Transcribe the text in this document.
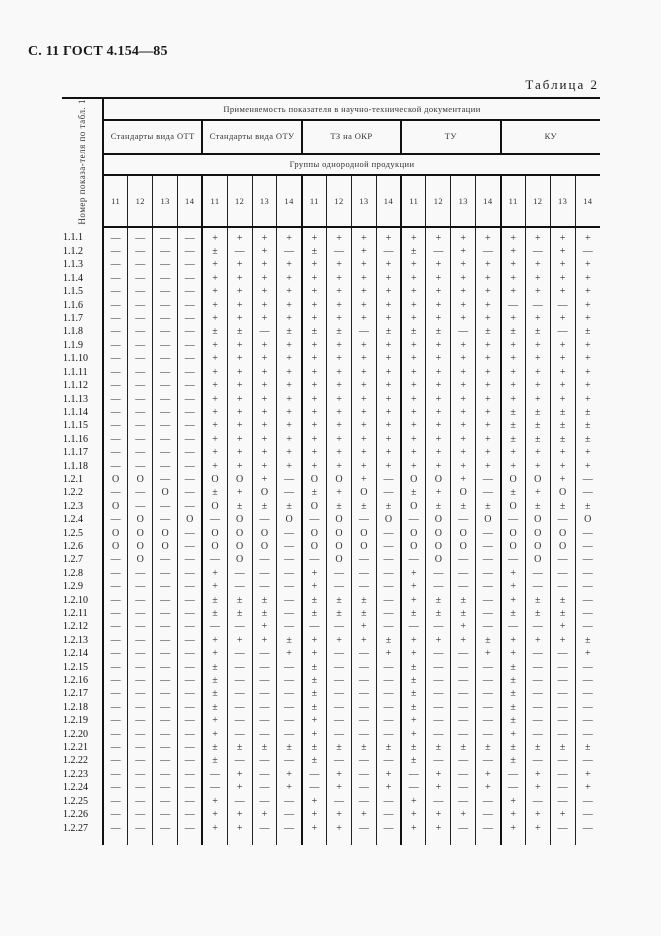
С. 11 ГОСТ 4.154—85
Таблица 2
Номер показа-теля по табл. 1	Применяемость показателя в научно-технической документации																			
	Стандарты вида ОТТ				Стандарты вида ОТУ				ТЗ на ОКР				ТУ				КУ			
	Группы однородной продукции																			
	11	12	13	14	11	12	13	14	11	12	13	14	11	12	13	14	11	12	13	14
1.1.1	—	—	—	—	+	+	+	+	+	+	+	+	+	+	+	+	+	+	+	+
1.1.2	—	—	—	—	±	—	+	—	±	—	+	—	±	—	+	—	+	—	+	—
1.1.3	—	—	—	—	+	+	+	+	+	+	+	+	+	+	+	+	+	+	+	+
1.1.4	—	—	—	—	+	+	+	+	+	+	+	+	+	+	+	+	+	+	+	+
1.1.5	—	—	—	—	+	+	+	+	+	+	+	+	+	+	+	+	+	+	+	+
1.1.6	—	—	—	—	+	+	+	+	+	+	+	+	+	+	+	+	—	—	—	+
1.1.7	—	—	—	—	+	+	+	+	+	+	+	+	+	+	+	+	+	+	+	+
1.1.8	—	—	—	—	±	±	—	±	±	±	—	±	±	±	—	±	±	±	—	±
1.1.9	—	—	—	—	+	+	+	+	+	+	+	+	+	+	+	+	+	+	+	+
1.1.10	—	—	—	—	+	+	+	+	+	+	+	+	+	+	+	+	+	+	+	+
1.1.11	—	—	—	—	+	+	+	+	+	+	+	+	+	+	+	+	+	+	+	+
1.1.12	—	—	—	—	+	+	+	+	+	+	+	+	+	+	+	+	+	+	+	+
1.1.13	—	—	—	—	+	+	+	+	+	+	+	+	+	+	+	+	+	+	+	+
1.1.14	—	—	—	—	+	+	+	+	+	+	+	+	+	+	+	+	±	±	±	±
1.1.15	—	—	—	—	+	+	+	+	+	+	+	+	+	+	+	+	±	±	±	±
1.1.16	—	—	—	—	+	+	+	+	+	+	+	+	+	+	+	+	±	±	±	±
1.1.17	—	—	—	—	+	+	+	+	+	+	+	+	+	+	+	+	+	+	+	+
1.1.18	—	—	—	—	+	+	+	+	+	+	+	+	+	+	+	+	+	+	+	+
1.2.1	О	О	—	—	О	О	+	—	О	О	+	—	О	О	+	—	О	О	+	—
1.2.2	—	—	О	—	±	+	О	—	±	+	О	—	±	+	О	—	±	+	О	—
1.2.3	О	—	—	—	О	±	±	±	О	±	±	±	О	±	±	±	О	±	±	±
1.2.4	—	О	—	О	—	О	—	О	—	О	—	О	—	О	—	О	—	О	—	О
1.2.5	О	О	О	—	О	О	О	—	О	О	О	—	О	О	О	—	О	О	О	—
1.2.6	О	О	О	—	О	О	О	—	О	О	О	—	О	О	О	—	О	О	О	—
1.2.7	—	О	—	—	—	О	—	—	—	О	—	—	—	О	—	—	—	О	—	—
1.2.8	—	—	—	—	+	—	—	—	+	—	—	—	+	—	—	—	+	—	—	—
1.2.9	—	—	—	—	+	—	—	—	+	—	—	—	+	—	—	—	+	—	—	—
1.2.10	—	—	—	—	±	±	±	—	±	±	±	—	+	±	±	—	+	±	±	—
1.2.11	—	—	—	—	±	±	±	—	±	±	±	—	±	±	±	—	±	±	±	—
1.2.12	—	—	—	—	—	—	+	—	—	—	+	—	—	—	+	—	—	—	+	—
1.2.13	—	—	—	—	+	+	+	±	+	+	+	±	+	+	+	±	+	+	+	±
1.2.14	—	—	—	—	+	—	—	+	+	—	—	+	+	—	—	+	+	—	—	+
1.2.15	—	—	—	—	±	—	—	—	±	—	—	—	±	—	—	—	±	—	—	—
1.2.16	—	—	—	—	±	—	—	—	±	—	—	—	±	—	—	—	±	—	—	—
1.2.17	—	—	—	—	±	—	—	—	±	—	—	—	±	—	—	—	±	—	—	—
1.2.18	—	—	—	—	±	—	—	—	±	—	—	—	±	—	—	—	±	—	—	—
1.2.19	—	—	—	—	+	—	—	—	+	—	—	—	+	—	—	—	±	—	—	—
1.2.20	—	—	—	—	+	—	—	—	+	—	—	—	+	—	—	—	+	—	—	—
1.2.21	—	—	—	—	±	±	±	±	±	±	±	±	±	±	±	±	±	±	±	±
1.2.22	—	—	—	—	±	—	—	—	±	—	—	—	±	—	—	—	±	—	—	—
1.2.23	—	—	—	—	—	+	—	+	—	+	—	+	—	+	—	+	—	+	—	+
1.2.24	—	—	—	—	—	+	—	+	—	+	—	+	—	+	—	+	—	+	—	+
1.2.25	—	—	—	—	+	—	—	—	+	—	—	—	+	—	—	—	+	—	—	—
1.2.26	—	—	—	—	+	+	+	—	+	+	+	—	+	+	+	—	+	+	+	—
1.2.27	—	—	—	—	+	+	—	—	+	+	—	—	+	+	—	—	+	+	—	—
